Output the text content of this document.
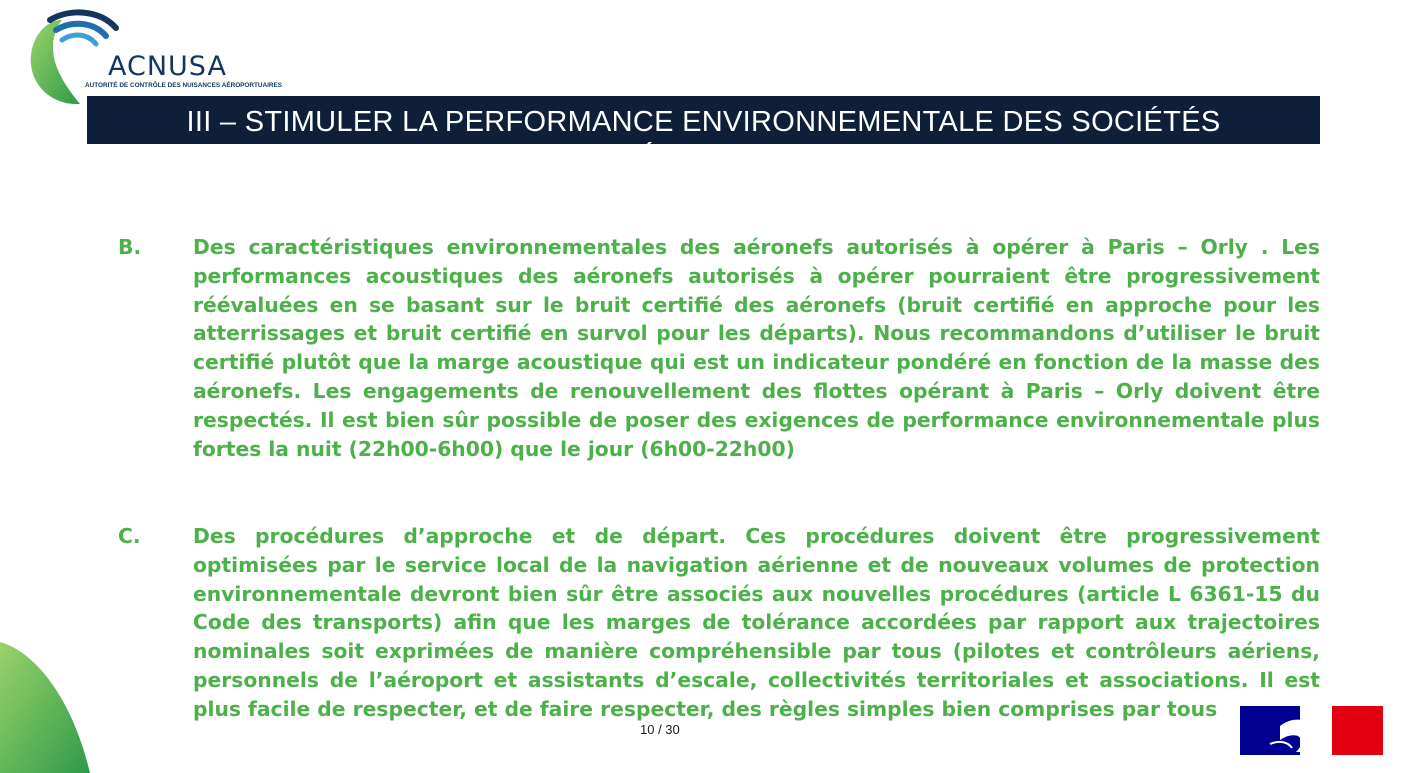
ACNUSA
AUTORITÉ DE CONTRÔLE DES NUISANCES AÉROPORTUAIRES
III – STIMULER LA PERFORMANCE ENVIRONNEMENTALE DES SOCIÉTÉS AÉRIENNES
B.	Des caractéristiques environnementales des aéronefs autorisés à opérer à Paris – Orly . Les performances acoustiques des aéronefs autorisés à opérer pourraient être progressivement réévaluées en se basant sur le bruit certifié des aéronefs (bruit certifié en approche pour les atterrissages et bruit certifié en survol pour les départs). Nous recommandons d’utiliser le bruit certifié plutôt que la marge acoustique qui est un indicateur pondéré en fonction de la masse des aéronefs. Les engagements de renouvellement des flottes opérant à Paris – Orly doivent être respectés. Il est bien sûr possible de poser des exigences de performance environnementale plus fortes la nuit (22h00-6h00) que le jour (6h00-22h00)
C.	Des procédures d’approche et de départ. Ces procédures doivent être progressivement optimisées par le service local de la navigation aérienne et de nouveaux volumes de protection environnementale devront bien sûr être associés aux nouvelles procédures (article L 6361-15 du Code des transports) afin que les marges de tolérance accordées par rapport aux trajectoires nominales soit exprimées de manière compréhensible par tous (pilotes et contrôleurs aériens, personnels de l’aéroport et assistants d’escale, collectivités territoriales et associations. Il est plus facile de respecter, et de faire respecter, des règles simples bien comprises par tous
10 / 30
